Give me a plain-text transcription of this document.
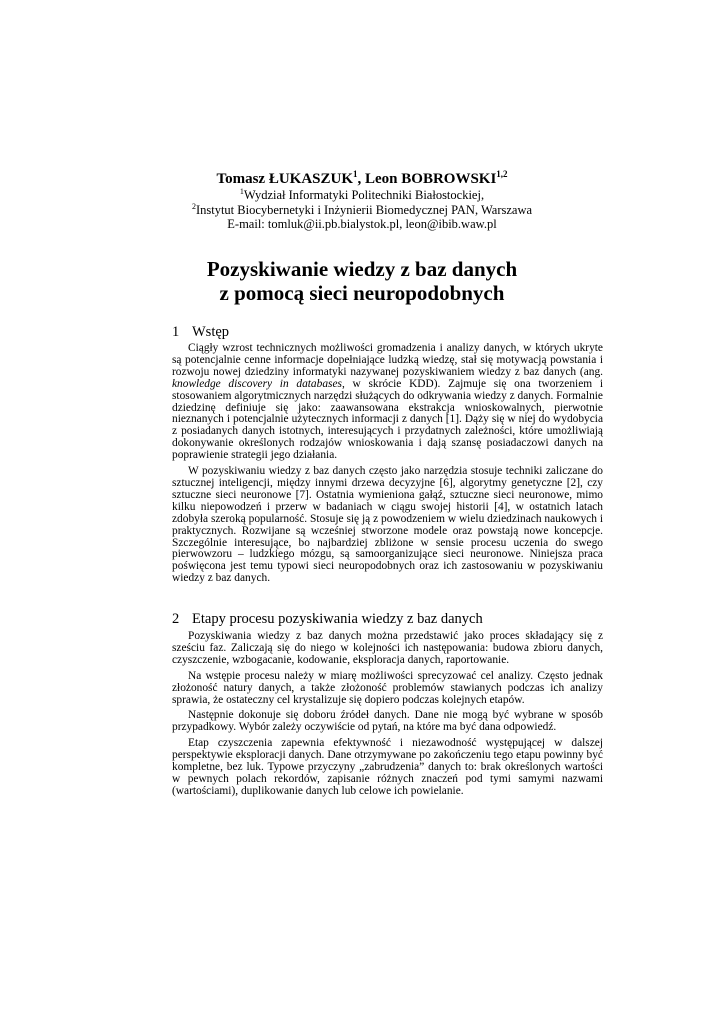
Tomasz ŁUKASZUK$^1$, Leon BOBROWSKI$^{1,2}$
$^1$Wydział Informatyki Politechniki Białostockiej,
$^2$Instytut Biocybernetyki i Inżynierii Biomedycznej PAN, Warszawa
E-mail: tomluk@ii.pb.bialystok.pl, leon@ibib.waw.pl
Pozyskiwanie wiedzy z baz danych
z pomocą sieci neuropodobnych
1 Wstęp

Ciągły wzrost technicznych możliwości gromadzenia i analizy danych, w których ukryte są potencjalnie cenne informacje dopełniające ludzką wiedzę, stał się motywacją powstania i rozwoju nowej dziedziny informatyki nazywanej pozyskiwaniem wiedzy z baz danych (ang. knowledge discovery in databases, w skrócie KDD). Zajmuje się ona tworzeniem i stosowaniem algorytmicznych narzędzi służących do odkrywania wiedzy z danych. Formalnie dziedzinę definiuje się jako: zaawansowana ekstrakcja wnioskowalnych, pierwotnie nieznanych i potencjalnie użytecznych informacji z danych [1]. Dąży się w niej do wydobycia z posiadanych danych istotnych, interesujących i przydatnych zależności, które umożliwiają dokonywanie określonych rodzajów wnioskowania i dają szansę posiadaczowi danych na poprawienie strategii jego działania.

W pozyskiwaniu wiedzy z baz danych często jako narzędzia stosuje techniki zaliczane do sztucznej inteligencji, między innymi drzewa decyzyjne [6], algorytmy genetyczne [2], czy sztuczne sieci neuronowe [7]. Ostatnia wymieniona gałąź, sztuczne sieci neuronowe, mimo kilku niepowodzeń i przerw w badaniach w ciągu swojej historii [4], w ostatnich latach zdobyła szeroką popularność. Stosuje się ją z powodzeniem w wielu dziedzinach naukowych i praktycznych. Rozwijane są wcześniej stworzone modele oraz powstają nowe koncepcje. Szczególnie interesujące, bo najbardziej zbliżone w sensie procesu uczenia do swego pierwowzoru – ludzkiego mózgu, są samoorganizujące sieci neuronowe. Niniejsza praca poświęcona jest temu typowi sieci neuropodobnych oraz ich zastosowaniu w pozyskiwaniu wiedzy z baz danych.

2 Etapy procesu pozyskiwania wiedzy z baz danych

Pozyskiwania wiedzy z baz danych można przedstawić jako proces składający się z sześciu faz. Zaliczają się do niego w kolejności ich następowania: budowa zbioru danych, czyszczenie, wzbogacanie, kodowanie, eksploracja danych, raportowanie.

Na wstępie procesu należy w miarę możliwości sprecyzować cel analizy. Często jednak złożoność natury danych, a także złożoność problemów stawianych podczas ich analizy sprawia, że ostateczny cel krystalizuje się dopiero podczas kolejnych etapów.

Następnie dokonuje się doboru źródeł danych. Dane nie mogą być wybrane w sposób przypadkowy. Wybór zależy oczywiście od pytań, na które ma być dana odpowiedź.

Etap czyszczenia zapewnia efektywność i niezawodność występującej w dalszej perspektywie eksploracji danych. Dane otrzymywane po zakończeniu tego etapu powinny być kompletne, bez luk. Typowe przyczyny „zabrudzenia” danych to: brak określonych wartości w pewnych polach rekordów, zapisanie różnych znaczeń pod tymi samymi nazwami (wartościami), duplikowanie danych lub celowe ich powielanie.
